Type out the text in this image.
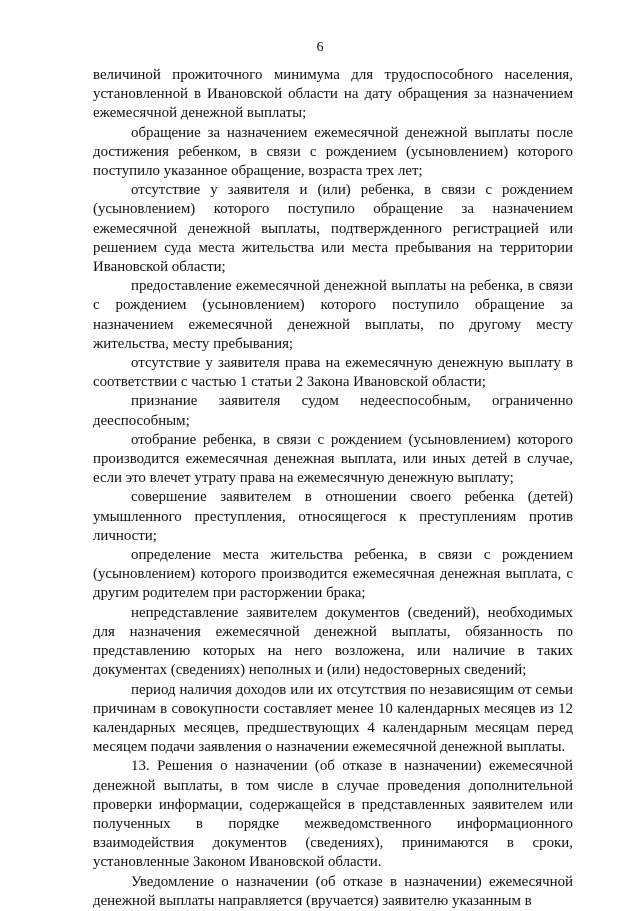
6

величиной прожиточного минимума для трудоспособного населения, установленной в Ивановской области на дату обращения за назначением ежемесячной денежной выплаты;

обращение за назначением ежемесячной денежной выплаты после достижения ребенком, в связи с рождением (усыновлением) которого поступило указанное обращение, возраста трех лет;

отсутствие у заявителя и (или) ребенка, в связи с рождением (усыновлением) которого поступило обращение за назначением ежемесячной денежной выплаты, подтвержденного регистрацией или решением суда места жительства или места пребывания на территории Ивановской области;

предоставление ежемесячной денежной выплаты на ребенка, в связи с рождением (усыновлением) которого поступило обращение за назначением ежемесячной денежной выплаты, по другому месту жительства, месту пребывания;

отсутствие у заявителя права на ежемесячную денежную выплату в соответствии с частью 1 статьи 2 Закона Ивановской области;

признание заявителя судом недееспособным, ограниченно дееспособным;

отобрание ребенка, в связи с рождением (усыновлением) которого производится ежемесячная денежная выплата, или иных детей в случае, если это влечет утрату права на ежемесячную денежную выплату;

совершение заявителем в отношении своего ребенка (детей) умышленного преступления, относящегося к преступлениям против личности;

определение места жительства ребенка, в связи с рождением (усыновлением) которого производится ежемесячная денежная выплата, с другим родителем при расторжении брака;

непредставление заявителем документов (сведений), необходимых для назначения ежемесячной денежной выплаты, обязанность по представлению которых на него возложена, или наличие в таких документах (сведениях) неполных и (или) недостоверных сведений;

период наличия доходов или их отсутствия по независящим от семьи причинам в совокупности составляет менее 10 календарных месяцев из 12 календарных месяцев, предшествующих 4 календарным месяцам перед месяцем подачи заявления о назначении ежемесячной денежной выплаты.

13. Решения о назначении (об отказе в назначении) ежемесячной денежной выплаты, в том числе в случае проведения дополнительной проверки информации, содержащейся в представленных заявителем или полученных в порядке межведомственного информационного взаимодействия документов (сведениях), принимаются в сроки, установленные Законом Ивановской области.

Уведомление о назначении (об отказе в назначении) ежемесячной денежной выплаты направляется (вручается) заявителю указанным в
